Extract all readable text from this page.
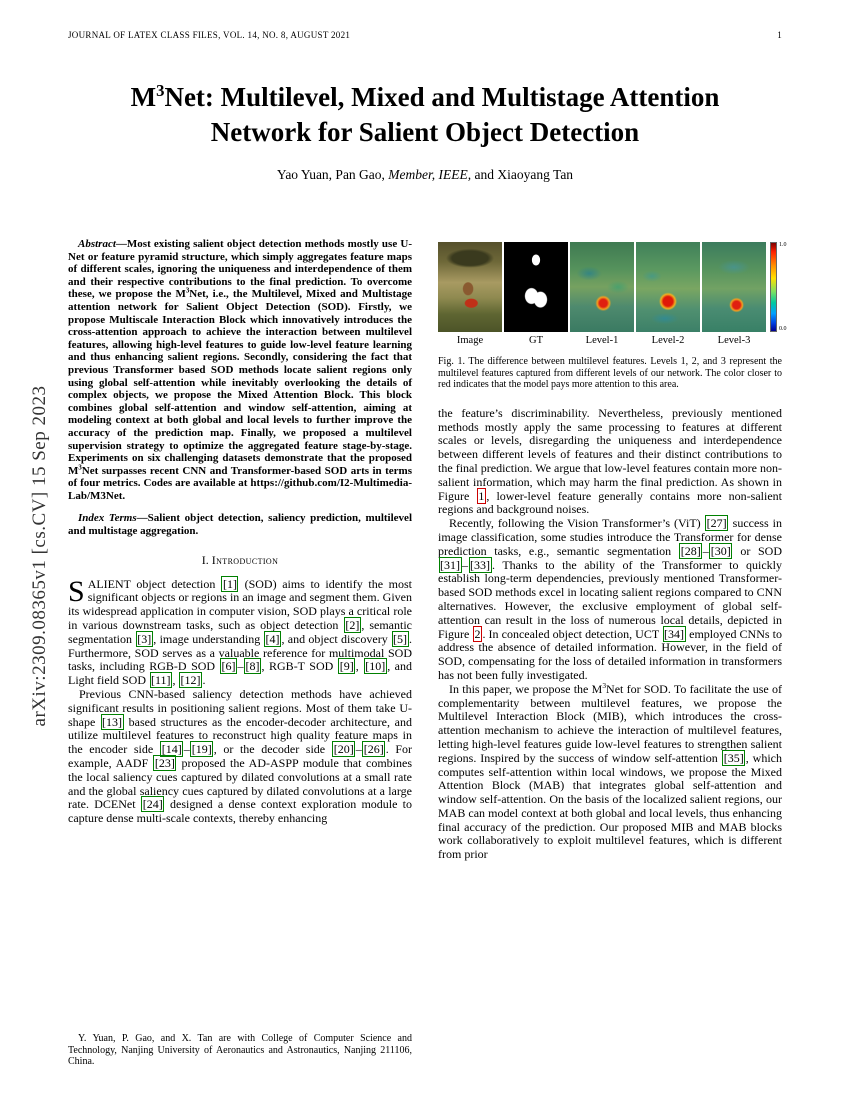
JOURNAL OF LATEX CLASS FILES, VOL. 14, NO. 8, AUGUST 2021	1
arXiv:2309.08365v1 [cs.CV] 15 Sep 2023
$M^3Net$: Multilevel, Mixed and Multistage Attention Network for Salient Object Detection
Yao Yuan, Pan Gao, Member, IEEE, and Xiaoyang Tan

Abstract—Most existing salient object detection methods mostly use U-Net or feature pyramid structure, which simply aggregates feature maps of different scales, ignoring the uniqueness and interdependence of them and their respective contributions to the final prediction. To overcome these, we propose the $M^3Net$, i.e., the Multilevel, Mixed and Multistage attention network for Salient Object Detection (SOD). Firstly, we propose Multiscale Interaction Block which innovatively introduces the cross-attention approach to achieve the interaction between multilevel features, allowing high-level features to guide low-level feature learning and thus enhancing salient regions. Secondly, considering the fact that previous Transformer based SOD methods locate salient regions only using global self-attention while inevitably overlooking the details of complex objects, we propose the Mixed Attention Block. This block combines global self-attention and window self-attention, aiming at modeling context at both global and local levels to further improve the accuracy of the prediction map. Finally, we proposed a multilevel supervision strategy to optimize the aggregated feature stage-by-stage. Experiments on six challenging datasets demonstrate that the proposed $M^3Net$ surpasses recent CNN and Transformer-based SOD arts in terms of four metrics. Codes are available at https://github.com/I2-Multimedia-Lab/M3Net.

Index Terms—Salient object detection, saliency prediction, multilevel and multistage aggregation.

I. Introduction

SALIENT object detection [1] (SOD) aims to identify the most significant objects or regions in an image and segment them. Given its widespread application in computer vision, SOD plays a critical role in various downstream tasks, such as object detection [2] , semantic segmentation [3] , image understanding [4] , and object discovery [5] . Furthermore, SOD serves as a valuable reference for multimodal SOD tasks, including RGB-D SOD [6] – [8] , RGB-T SOD [9] , [10] , and Light field SOD [11] , [12] .

Previous CNN-based saliency detection methods have achieved significant results in positioning salient regions. Most of them take U-shape [13] based structures as the encoder-decoder architecture, and utilize multilevel features to reconstruct high quality feature maps in the encoder side [14] – [19] , or the decoder side [20] – [26] . For example, AADF [23] proposed the AD-ASPP module that combines the local saliency cues captured by dilated convolutions at a small rate and the global saliency cues captured by dilated convolutions at a large rate. DCENet [24] designed a dense context exploration module to capture dense multi-scale contexts, thereby enhancing

Y. Yuan, P. Gao, and X. Tan are with College of Computer Science and Technology, Nanjing University of Aeronautics and Astronautics, Nanjing 211106, China.

Image	GT	Level-1	Level-2	Level-3
1.0
0.0

Fig. 1. The difference between multilevel features. Levels 1, 2, and 3 represent the multilevel features captured from different levels of our network. The color closer to red indicates that the model pays more attention to this area.

the feature’s discriminability. Nevertheless, previously mentioned methods mostly apply the same processing to features at different scales or levels, disregarding the uniqueness and interdependence between different levels of features and their distinct contributions to the final prediction. We argue that low-level features contain more non-salient information, which may harm the final prediction. As shown in Figure 1 , lower-level feature generally contains more non-salient regions and background noises.

Recently, following the Vision Transformer’s (ViT) [27] success in image classification, some studies introduce the Transformer for dense prediction tasks, e.g., semantic segmentation [28] – [30] or SOD [31] – [33] . Thanks to the ability of the Transformer to quickly establish long-term dependencies, previously mentioned Transformer-based SOD methods excel in locating salient regions compared to CNN alternatives. However, the exclusive employment of global self-attention can result in the loss of numerous local details, depicted in Figure 2 . In concealed object detection, UCT [34] employed CNNs to address the absence of detailed information. However, in the field of SOD, compensating for the loss of detailed information in transformers has not been fully investigated.

In this paper, we propose the $M^3Net$ for SOD. To facilitate the use of complementarity between multilevel features, we propose the Multilevel Interaction Block (MIB), which introduces the cross-attention mechanism to achieve the interaction of multilevel features, letting high-level features guide low-level features to strengthen salient regions. Inspired by the success of window self-attention [35] , which computes self-attention within local windows, we propose the Mixed Attention Block (MAB) that integrates global self-attention and window self-attention. On the basis of the localized salient regions, our MAB can model context at both global and local levels, thus enhancing final accuracy of the prediction. Our proposed MIB and MAB blocks work collaboratively to exploit multilevel features, which is different from prior
